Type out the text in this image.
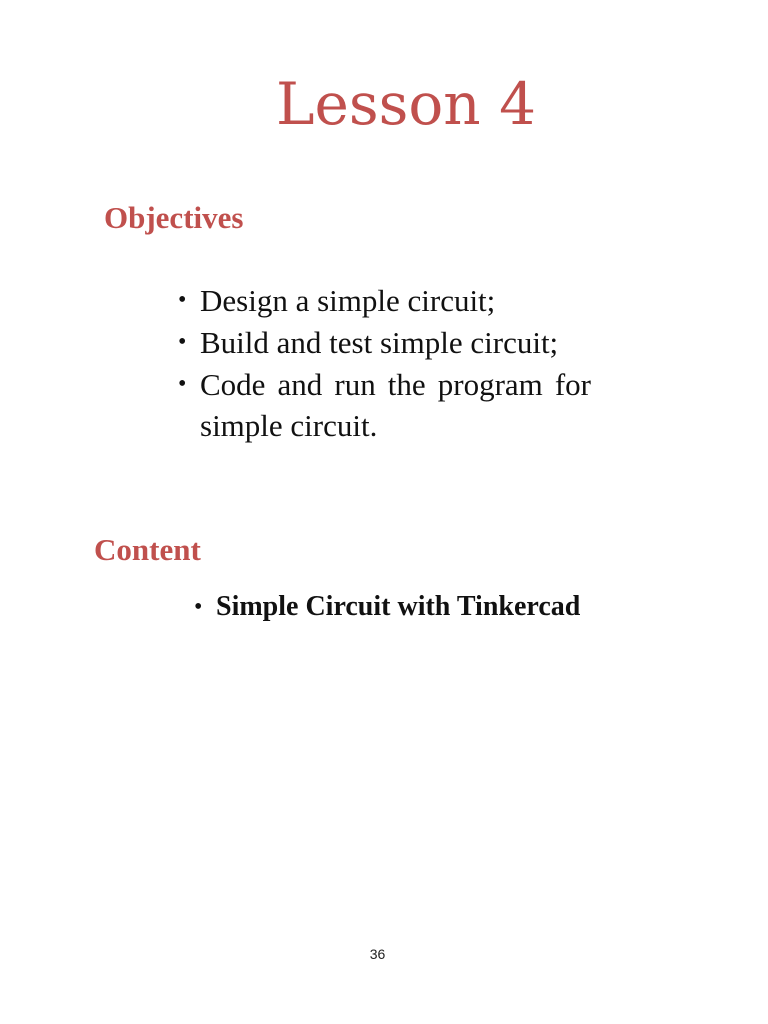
Lesson 4
Objectives
• Design a simple circuit;
• Build and test simple circuit;
• Code and run the program for simple circuit.
Content
• Simple Circuit with Tinkercad
36
